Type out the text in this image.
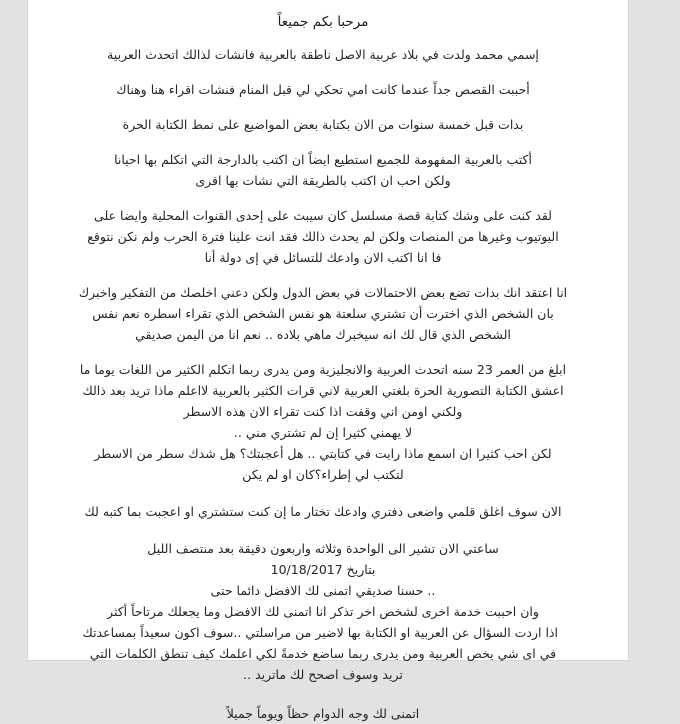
مرحبا بكم جميعاً

إسمي محمد ولدت في بلاد عربية الاصل ناطقة بالعربية فانشات لذالك اتحدث العربية

أحببت القصص جداً عندما كانت امي تحكي لي قبل المنام فنشات اقراء هنا وهناك

بدات قبل خمسة سنوات من الان بكتابة بعض المواضيع على نمط الكتابة الحرة

أكتب بالعربية المفهومة للجميع استطيع ايضاً ان اكتب بالدارجة التي اتكلم بها احيانا
ولكن احب ان اكتب بالطريقة التي نشات بها اقرى

لقد كنت على وشك كتابة قصة مسلسل كان سيبث على إحدى القنوات المحلية وايضا على
اليوتيوب وغيرها من المنصات ولكن لم يحدث ذالك فقد انت علينا فترة الحرب ولم نكن نتوقع
فا انا اكتب الان وادعك للتسائل في إى دولة أنا

انا اعتقد انك بدات تضع بعض الاحتمالات في بعض الدول ولكن دعني اخلصك من التفكير واخبرك
بان الشخص الذي اخترت أن تشتري سلعتة هو نفس الشخص الذي تقراء اسطره نعم نفس
الشخص الذي قال لك انه سيخبرك ماهي بلاده .. نعم انا من اليمن صديقي

ابلغ من العمر 23 سنه اتحدث العربية والانجليزية ومن يدرى ربما اتكلم الكثير من اللغات يوما ما
اعشق الكتابة التصورية الحرة بلغتي العربية لاني قرات الكثير بالعربية لااعلم ماذا تريد بعد ذالك
ولكني اومن اني وقفت اذا كنت تقراء الان هذه الاسطر
لا يهمني كثيرا إن لم تشتري مني ..
لكن احب كثيرا ان اسمع ماذا رايت في كتابتي .. هل أعجبتك؟ هل شدك سطر من الاسطر
لتكتب لي إطراء؟كان او لم يكن

الان سوف اغلق قلمي واضعى دفتري وادعك تختار ما إن كنت ستشتري او اعجبت بما كتبه لك

ساعتي الان تشير الى الواحدة وثلاثه واربعون دقيقة بعد منتصف الليل
بتاريخ 10/18/2017
.. حسنا صديقي اتمنى لك الافضل دائما حتى
وان احببت خدمة اخرى لشخص اخر تذكر انا اتمنى لك الافضل وما يجعلك مرتاحاً أكثر
اذا اردت السؤال عن العربية او الكتابة بها لاضير من مراسلتي ..سوف اكون سعيداً بمساعدتك
في اى شي يخص العربية ومن يدرى ربما ساضع خدمةً لكي اعلمك كيف تنطق الكلمات التي
تريد وسوف اصحح لك ماتريد ..
اتمنى لك وجه الدوام حظاً ويوماً جميلاً
